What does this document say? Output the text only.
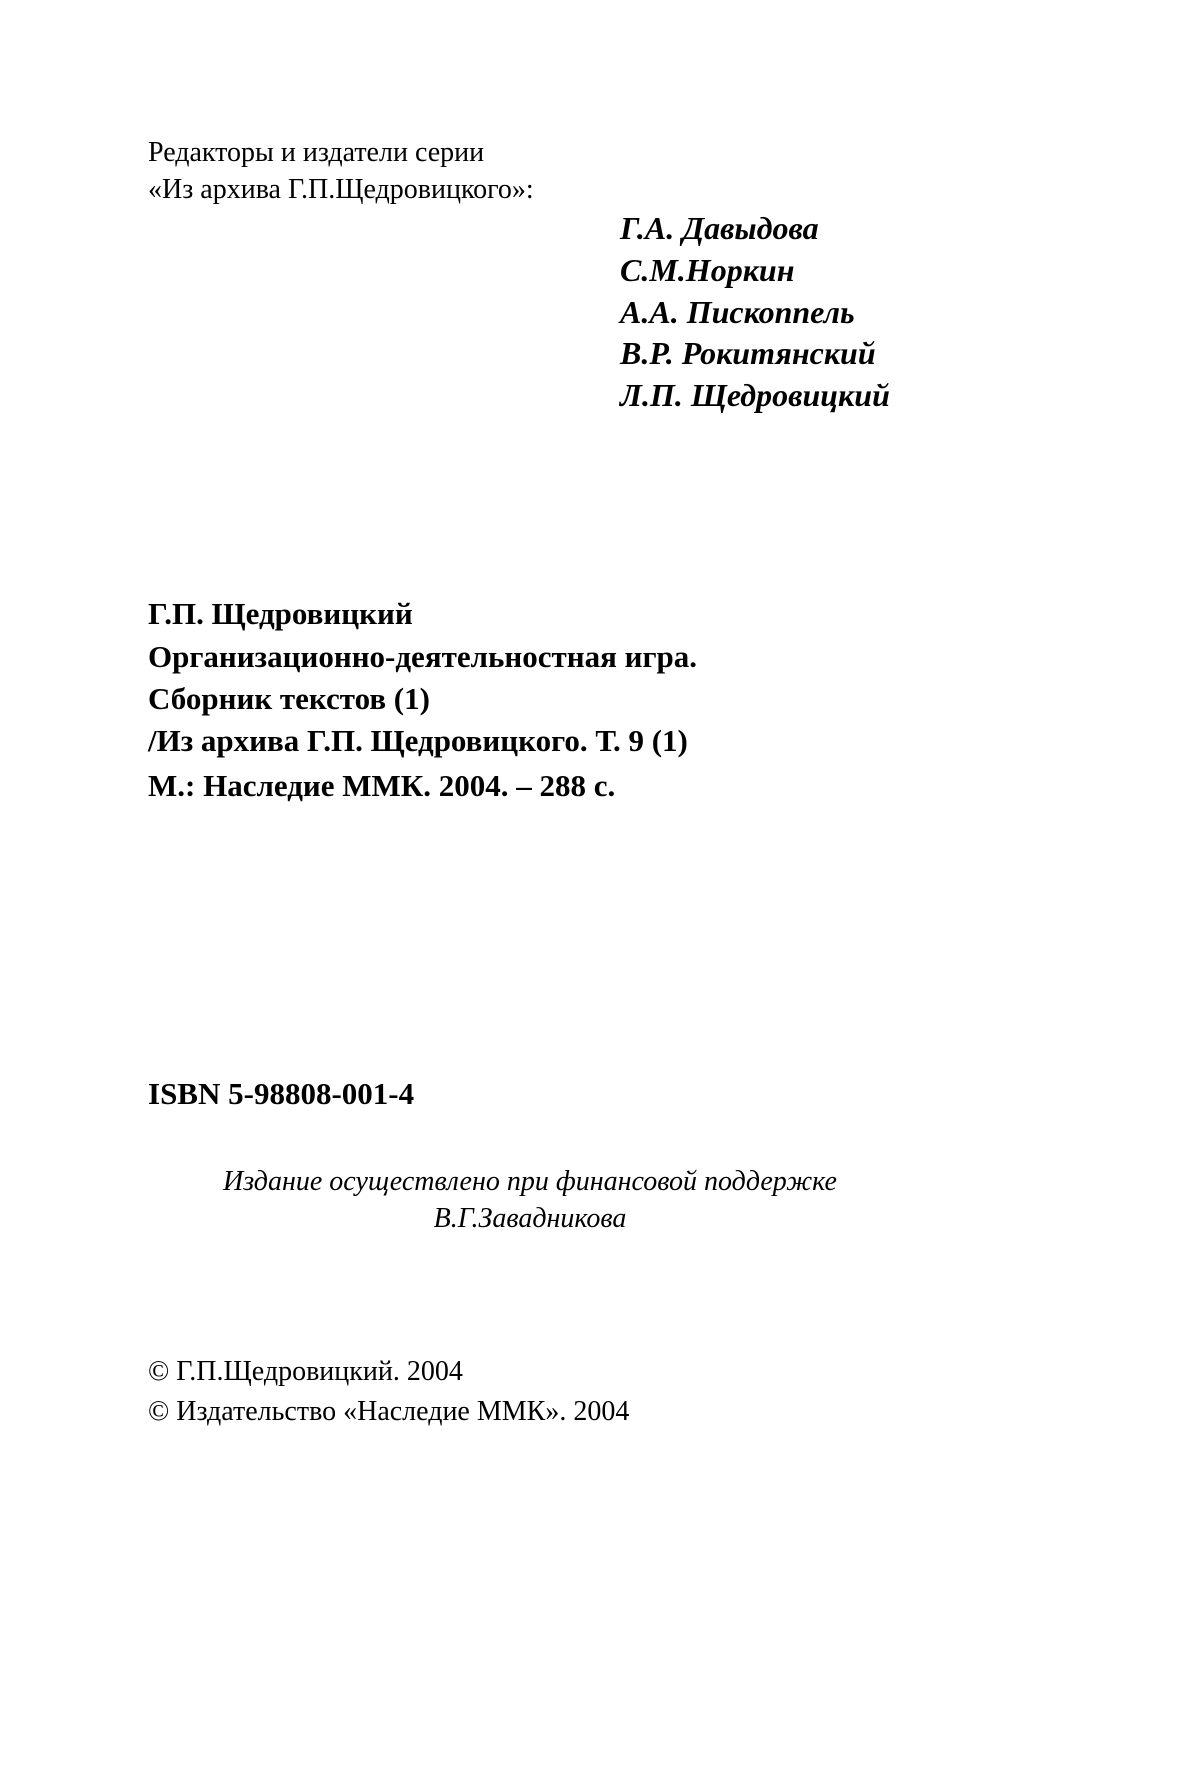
Редакторы и издатели серии
«Из архива Г.П.Щедровицкого»:
Г.А. Давыдова
С.М.Норкин
А.А. Пископпель
В.Р. Рокитянский
Л.П. Щедровицкий
Г.П. Щедровицкий
Организационно-деятельностная игра.
Сборник текстов (1)
/Из архива Г.П. Щедровицкого. Т. 9 (1)
М.: Наследие ММК. 2004. – 288 с.
ISBN 5-98808-001-4
Издание осуществлено при финансовой поддержке
В.Г.Завадникова
© Г.П.Щедровицкий. 2004
© Издательство «Наследие ММК». 2004
